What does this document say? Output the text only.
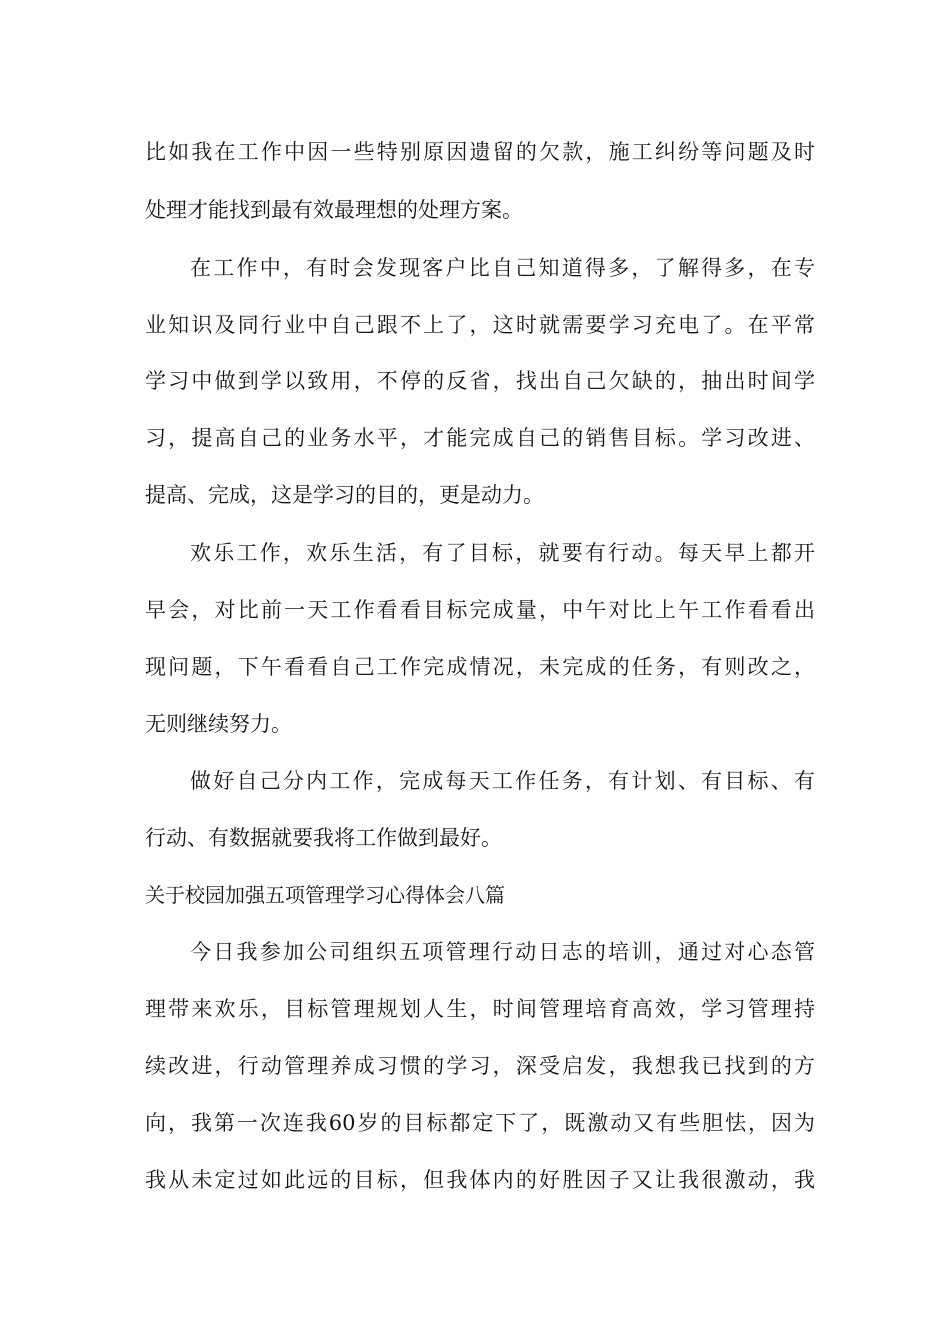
比如我在工作中因一些特别原因遗留的欠款，施工纠纷等问题及时
处理才能找到最有效最理想的处理方案。
在工作中，有时会发现客户比自己知道得多，了解得多，在专
业知识及同行业中自己跟不上了，这时就需要学习充电了。在平常
学习中做到学以致用，不停的反省，找出自己欠缺的，抽出时间学
习，提高自己的业务水平，才能完成自己的销售目标。学习改进、
提高、完成，这是学习的目的，更是动力。
欢乐工作，欢乐生活，有了目标，就要有行动。每天早上都开
早会，对比前一天工作看看目标完成量，中午对比上午工作看看出
现问题，下午看看自己工作完成情况，未完成的任务，有则改之，
无则继续努力。
做好自己分内工作，完成每天工作任务，有计划、有目标、有
行动、有数据就要我将工作做到最好。
关于校园加强五项管理学习心得体会八篇
今日我参加公司组织五项管理行动日志的培训，通过对心态管
理带来欢乐，目标管理规划人生，时间管理培育高效，学习管理持
续改进，行动管理养成习惯的学习，深受启发，我想我已找到的方
向，我第一次连我60岁的目标都定下了，既激动又有些胆怯，因为
我从未定过如此远的目标，但我体内的好胜因子又让我很激动，我
